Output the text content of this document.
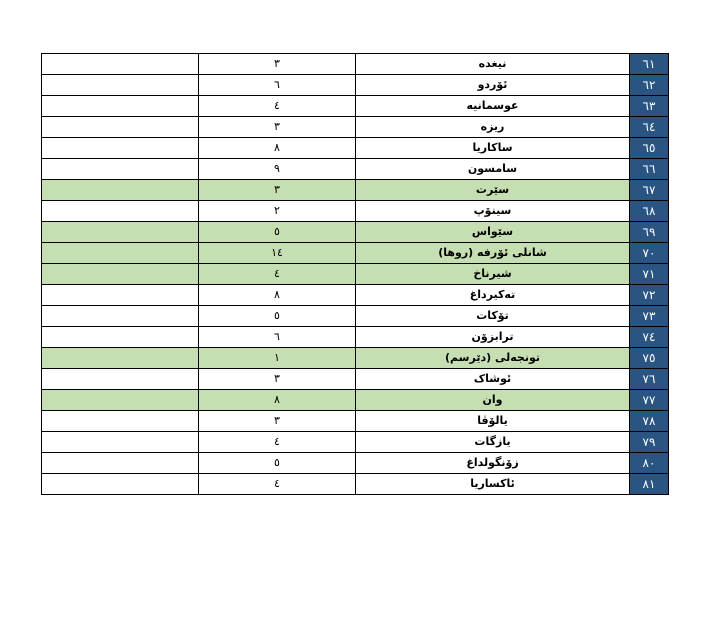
	٣	نیغده	٦١
	٦	ئۆردو	٦٢
	٤	عوسمانیە	٦٣
	٣	ریزە	٦٤
	٨	ساکاریا	٦٥
	٩	سامسون	٦٦
	٣	سێرت	٦٧
	٢	سینۆپ	٦٨
	٥	سێواس	٦٩
	١٤	شانلی ئۆرفە (روها)	٧٠
	٤	شیرناخ	٧١
	٨	تەکیرداغ	٧٢
	٥	تۆکات	٧٣
	٦	ترابزۆن	٧٤
	١	تونجەلی (دێرسم)	٧٥
	٣	ئوشاک	٧٦
	٨	وان	٧٧
	٣	یالۆڤا	٧٨
	٤	یازگات	٧٩
	٥	زۆنگولداغ	٨٠
	٤	ئاکساریا	٨١
